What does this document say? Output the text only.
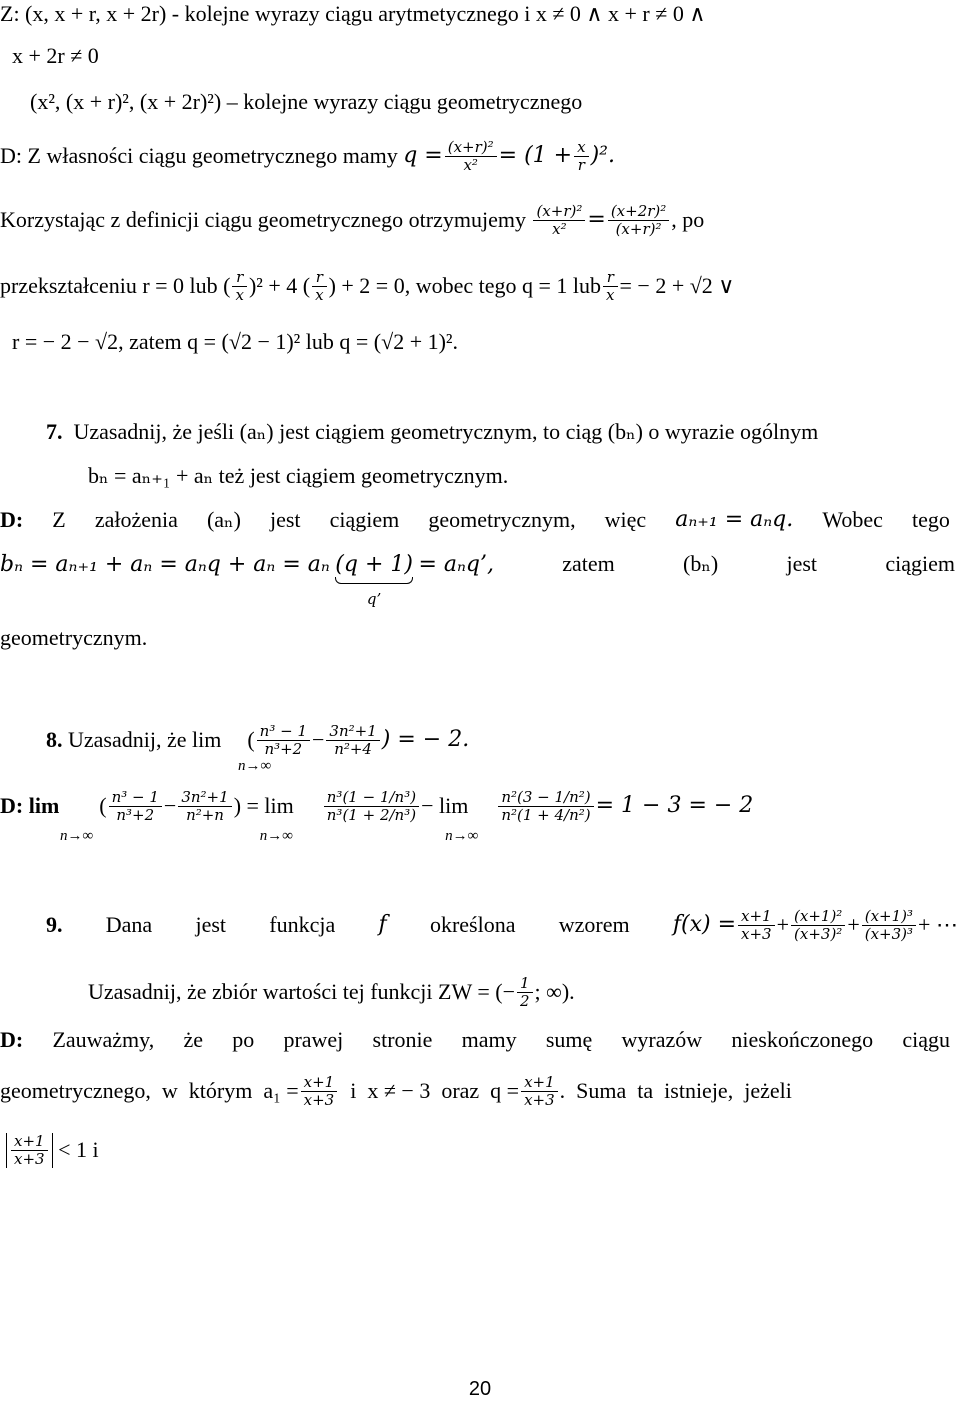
Z: (x, x + r, x + 2r) - kolejne wyrazy ciągu arytmetycznego i x ≠ 0 ∧ x + r ≠ 0 ∧
x + 2r ≠ 0
(x², (x + r)², (x + 2r)²) – kolejne wyrazy ciągu geometrycznego
D: Z własności ciągu geometrycznego mamy
$q = \frac{\text{(x+r)²}}{\text{x²}} = (1 + \frac{x}{r} )^2$.
Korzystając z definicji ciągu geometrycznego otrzymujemy
$\frac{\text{(x+r)²}}{\text{x²}} = \frac{\text{(x+2r)²}}{\text{(x+r)²}}$ , po
przekształceniu r = 0 lub ( $\frac{r}{x} )^2 + 4$ ( $\frac{r}{x}$ ) + 2 = 0, wobec tego q = 1 lub $\frac{r}{x}$ = − 2 + √2 ∨
r = − 2 − √2, zatem q = (√2 − 1)² lub q = (√2 + 1)².
7. Uzasadnij, że jeśli (aₙ) jest ciągiem geometrycznym, to ciąg (bₙ) o wyrazie ogólnym
bₙ = aₙ₊₁ + aₙ też jest ciągiem geometrycznym.
D: Z założenia (aₙ) jest ciągiem geometrycznym, więc aₙ₊₁ = aₙq. Wobec tego
bₙ = aₙ₊₁ + aₙ = aₙq + aₙ = aₙ (q + 1)
q’
= aₙq’,	zatem	(bₙ)	jest	ciągiem
geometrycznym.
8.
Uzasadnij, że lim
n→∞
( $\frac{\text{n³ − 1}}{\text{n³+2}} - \frac{\text{3n²+1}}{\text{n²+4}}$ ) = − 2.
D: lim
n→∞
( $\frac{\text{n³ − 1}}{\text{n³+2}} - \frac{\text{3n²+1}}{\text{n²+n}}$ ) = lim
n→∞
$\frac{\text{n³(1 − 1/n³)}}{\text{n³(1 + 2/n³)}} - \lim$
n→∞
$\frac{\text{n²(3 − 1/n²)}}{\text{n²(1 + 4/n²)}} = 1 - 3$ = − 2
9. Dana jest funkcja f określona wzorem $f(x) = \frac{x+1}{x+3} + \frac{\text{(x+1)²}}{\text{(x+3)²}} + \frac{\text{(x+1)³}}{\text{(x+3)³}}$ + ⋯
Uzasadnij, że zbiór wartości tej funkcji ZW = (− $\frac{1}{2}$ ; ∞).
D: Zauważmy, że po prawej stronie mamy sumę wyrazów nieskończonego ciągu
geometrycznego,  w  którym  $a_1 = \frac{x+1}{x+3}$ i  x ≠ − 3  oraz  $q = \frac{x+1}{x+3}$ .  Suma  ta  istnieje,  jeżeli
$\frac{x+1}{x+3}$
< 1 i
20
